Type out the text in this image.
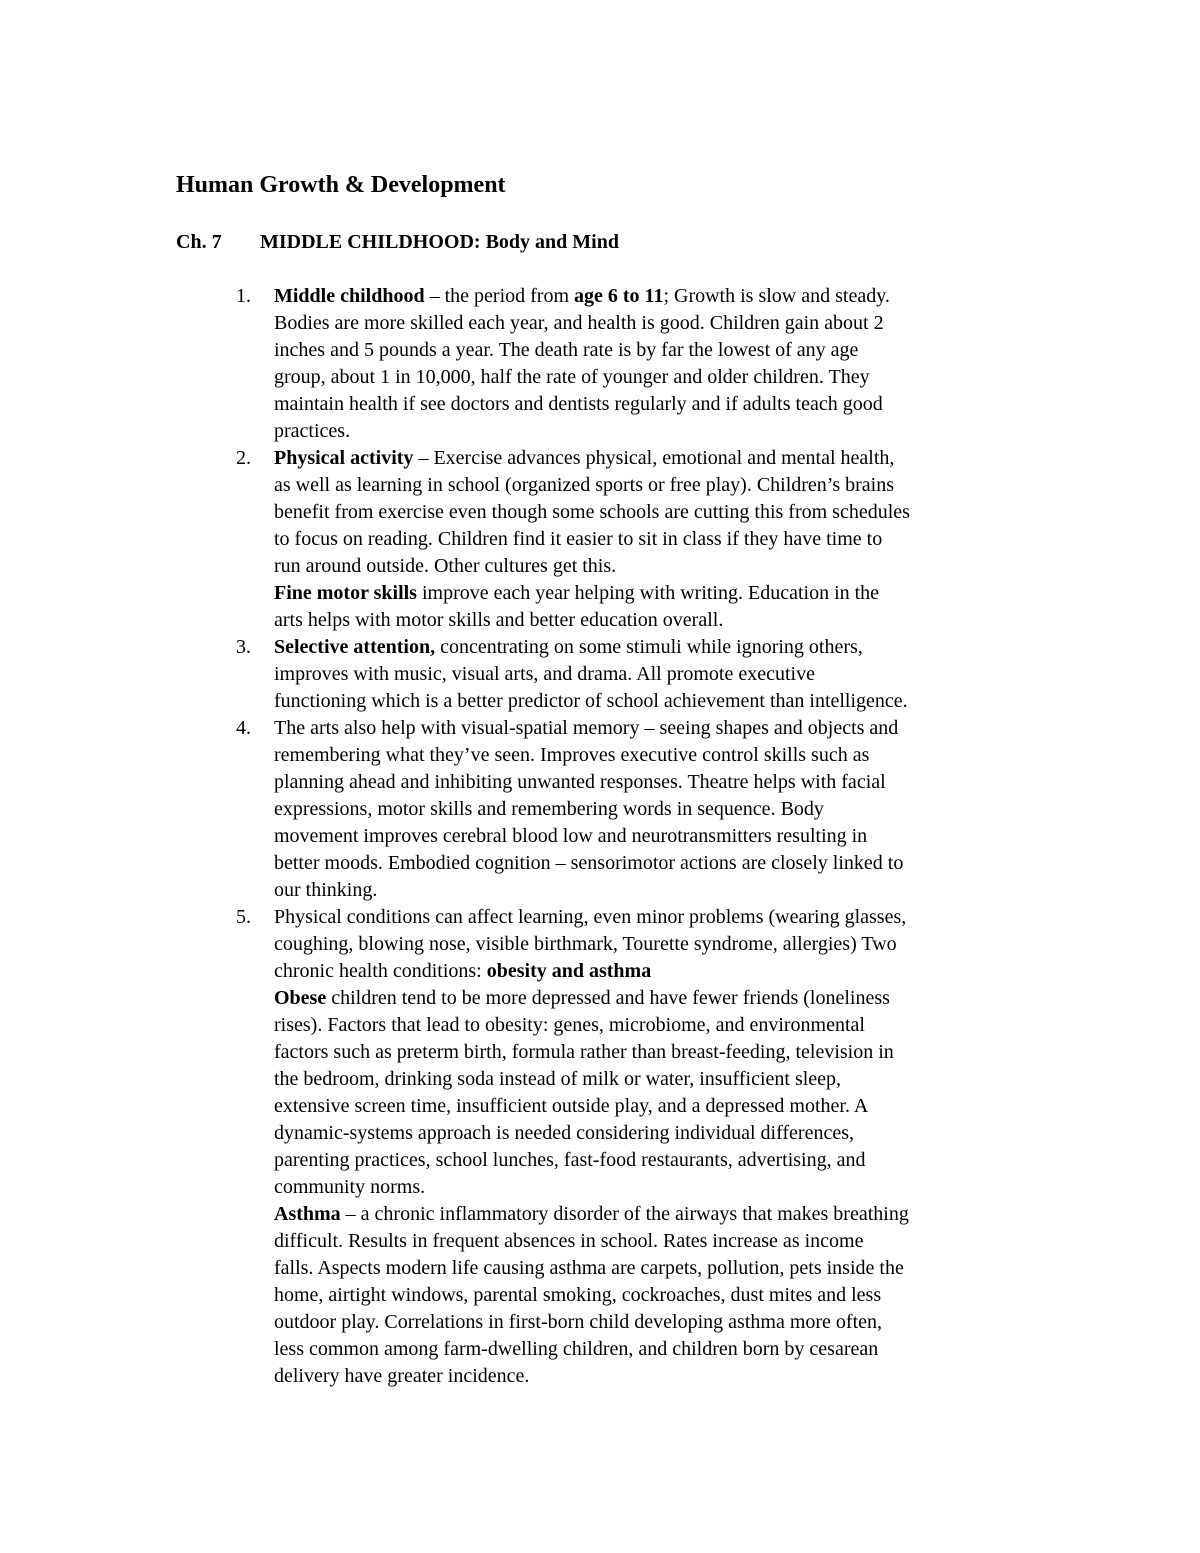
Human Growth & Development
Ch. 7 MIDDLE CHILDHOOD: Body and Mind
1. Middle childhood – the period from age 6 to 11; Growth is slow and steady.
Bodies are more skilled each year, and health is good. Children gain about 2
inches and 5 pounds a year. The death rate is by far the lowest of any age
group, about 1 in 10,000, half the rate of younger and older children. They
maintain health if see doctors and dentists regularly and if adults teach good
practices.
2. Physical activity – Exercise advances physical, emotional and mental health,
as well as learning in school (organized sports or free play). Children’s brains
benefit from exercise even though some schools are cutting this from schedules
to focus on reading. Children find it easier to sit in class if they have time to
run around outside. Other cultures get this.
Fine motor skills improve each year helping with writing. Education in the
arts helps with motor skills and better education overall.
3. Selective attention, concentrating on some stimuli while ignoring others,
improves with music, visual arts, and drama. All promote executive
functioning which is a better predictor of school achievement than intelligence.
4. The arts also help with visual-spatial memory – seeing shapes and objects and
remembering what they’ve seen. Improves executive control skills such as
planning ahead and inhibiting unwanted responses. Theatre helps with facial
expressions, motor skills and remembering words in sequence. Body
movement improves cerebral blood low and neurotransmitters resulting in
better moods. Embodied cognition – sensorimotor actions are closely linked to
our thinking.
5. Physical conditions can affect learning, even minor problems (wearing glasses,
coughing, blowing nose, visible birthmark, Tourette syndrome, allergies) Two
chronic health conditions: obesity and asthma
Obese children tend to be more depressed and have fewer friends (loneliness
rises). Factors that lead to obesity: genes, microbiome, and environmental
factors such as preterm birth, formula rather than breast-feeding, television in
the bedroom, drinking soda instead of milk or water, insufficient sleep,
extensive screen time, insufficient outside play, and a depressed mother. A
dynamic-systems approach is needed considering individual differences,
parenting practices, school lunches, fast-food restaurants, advertising, and
community norms.
Asthma – a chronic inflammatory disorder of the airways that makes breathing
difficult. Results in frequent absences in school. Rates increase as income
falls. Aspects modern life causing asthma are carpets, pollution, pets inside the
home, airtight windows, parental smoking, cockroaches, dust mites and less
outdoor play. Correlations in first-born child developing asthma more often,
less common among farm-dwelling children, and children born by cesarean
delivery have greater incidence.
